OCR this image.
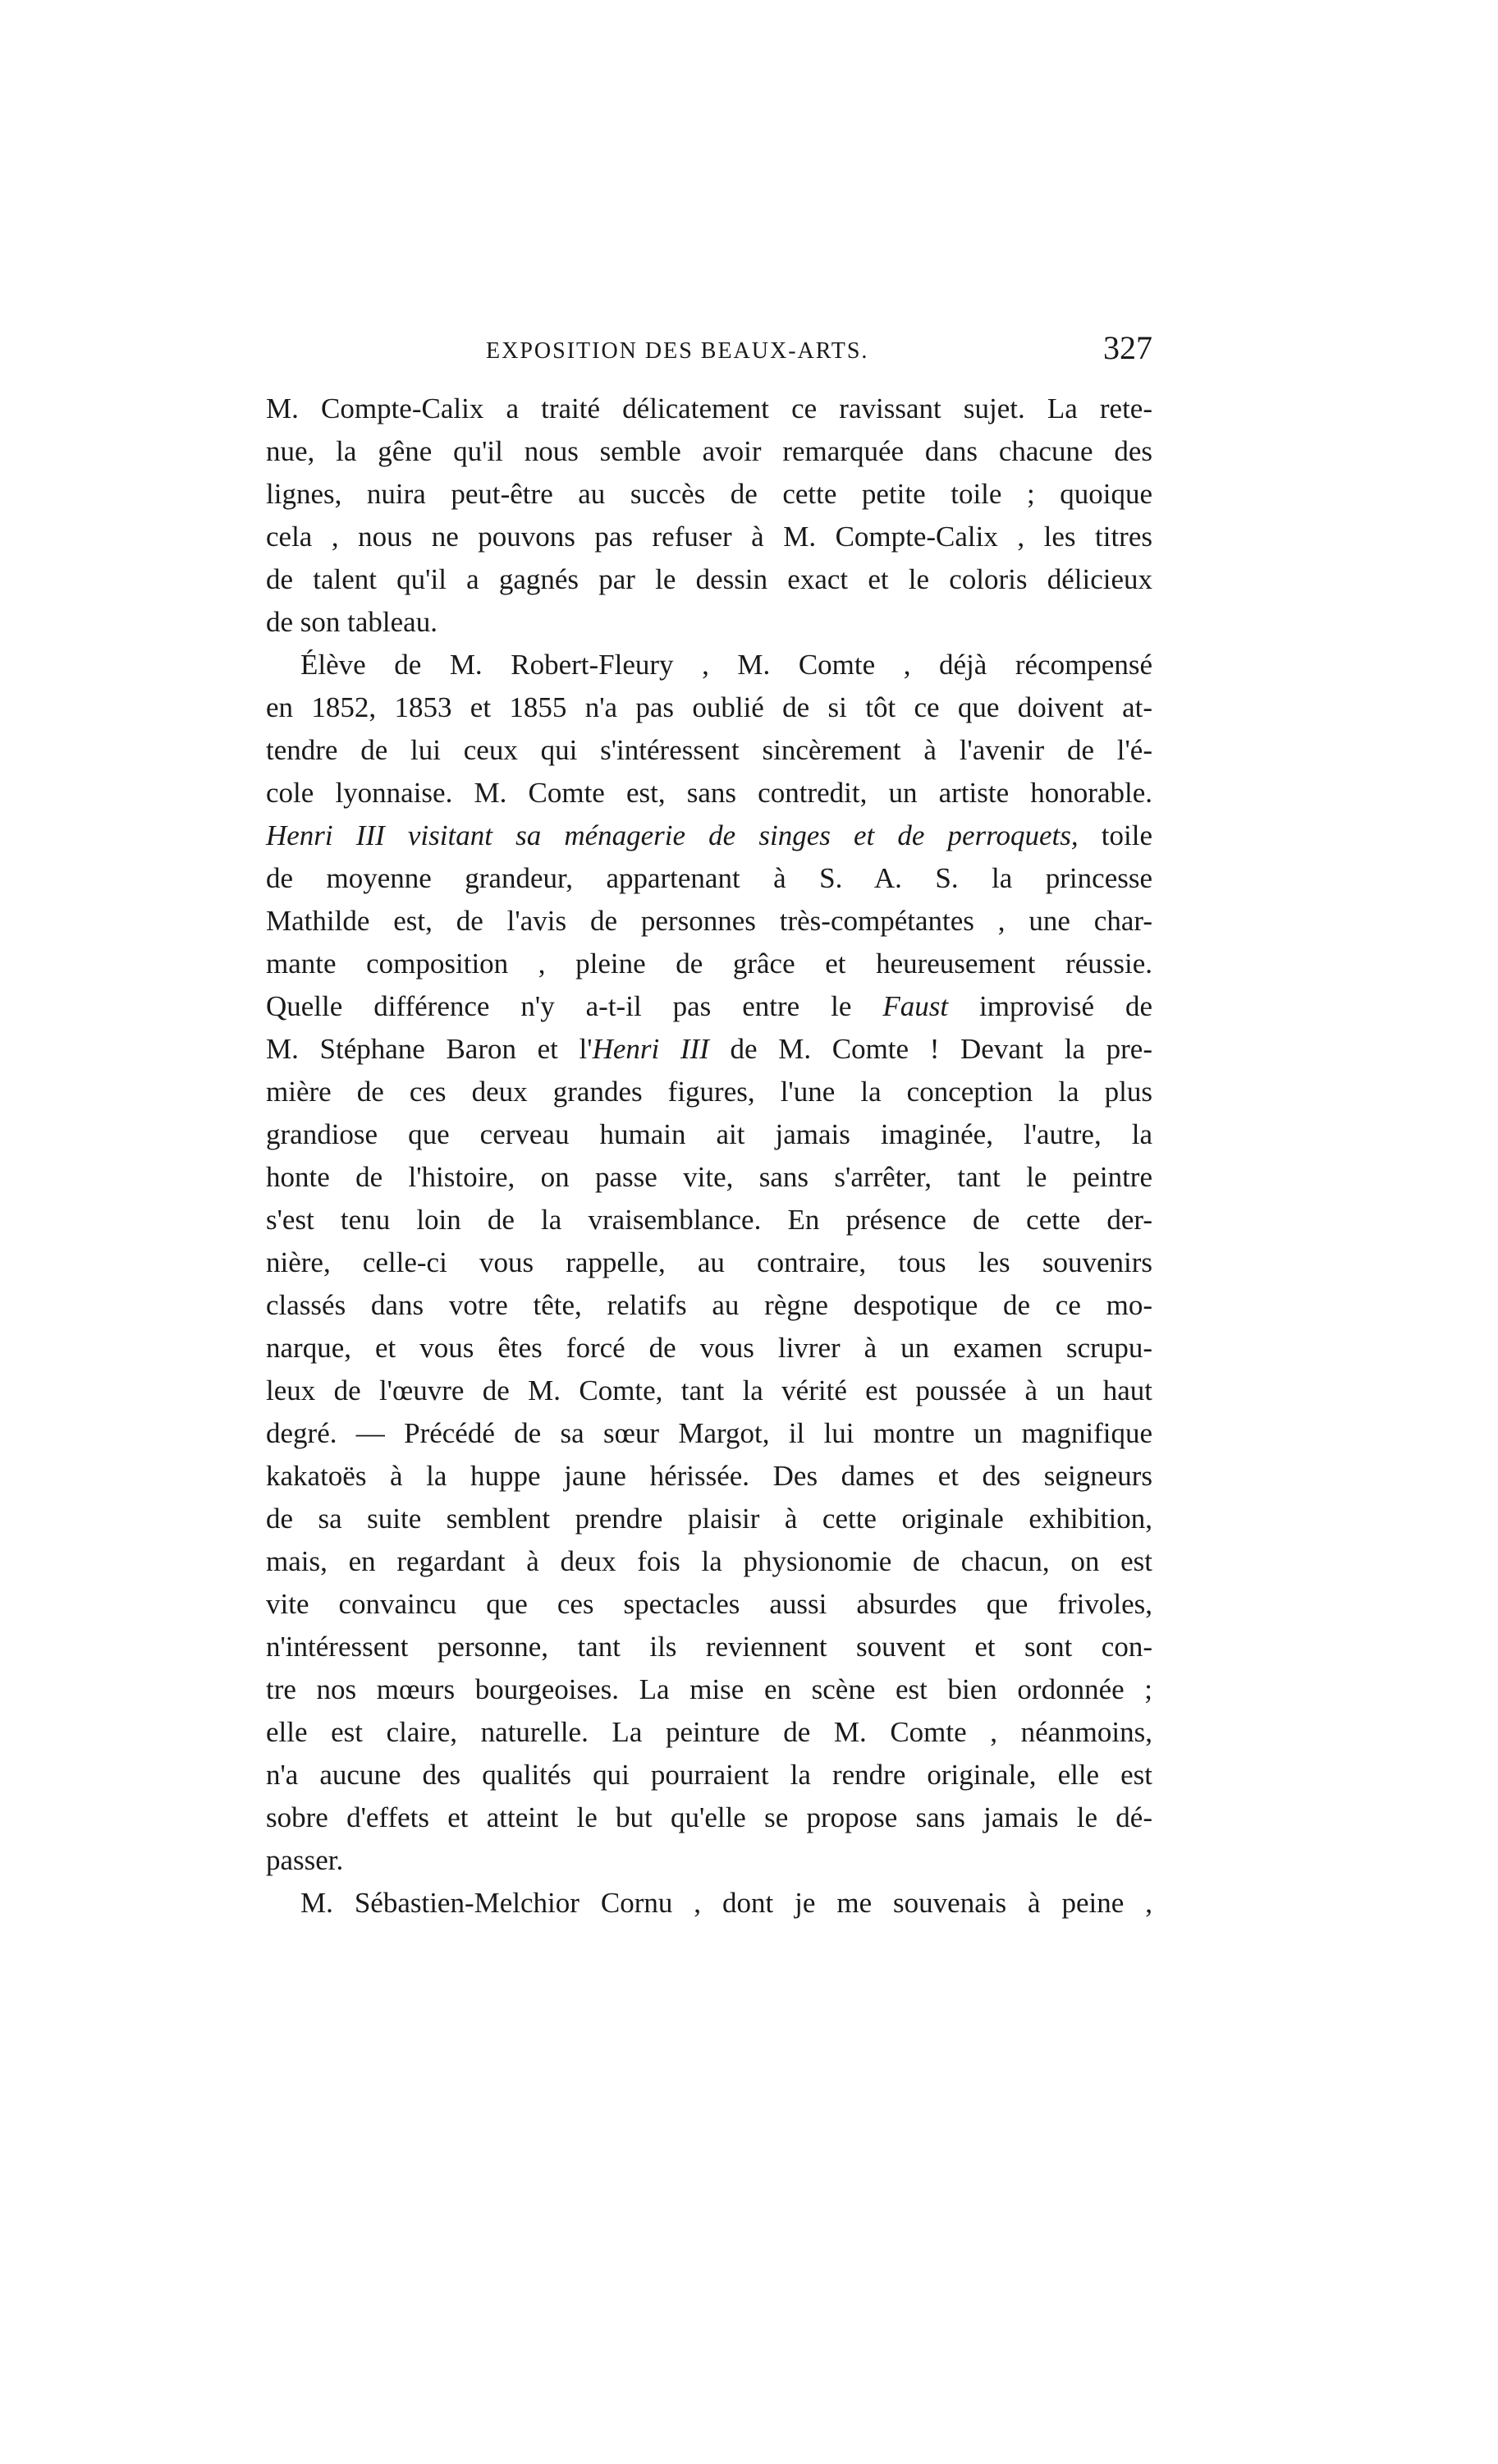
EXPOSITION DES BEAUX-ARTS.	327
M. Compte-Calix a traité délicatement ce ravissant sujet. La rete-
nue, la gêne qu'il nous semble avoir remarquée dans chacune des
lignes, nuira peut-être au succès de cette petite toile ; quoique
cela , nous ne pouvons pas refuser à M. Compte-Calix , les titres
de talent qu'il a gagnés par le dessin exact et le coloris délicieux
de son tableau.
Élève de M. Robert-Fleury , M. Comte , déjà récompensé
en 1852, 1853 et 1855 n'a pas oublié de si tôt ce que doivent at-
tendre de lui ceux qui s'intéressent sincèrement à l'avenir de l'é-
cole lyonnaise. M. Comte est, sans contredit, un artiste honorable.
Henri III visitant sa ménagerie de singes et de perroquets, toile
de moyenne grandeur, appartenant à S. A. S. la princesse
Mathilde est, de l'avis de personnes très-compétantes , une char-
mante composition , pleine de grâce et heureusement réussie.
Quelle différence n'y a-t-il pas entre le Faust improvisé de
M. Stéphane Baron et l'Henri III de M. Comte ! Devant la pre-
mière de ces deux grandes figures, l'une la conception la plus
grandiose que cerveau humain ait jamais imaginée, l'autre, la
honte de l'histoire, on passe vite, sans s'arrêter, tant le peintre
s'est tenu loin de la vraisemblance. En présence de cette der-
nière, celle-ci vous rappelle, au contraire, tous les souvenirs
classés dans votre tête, relatifs au règne despotique de ce mo-
narque, et vous êtes forcé de vous livrer à un examen scrupu-
leux de l'œuvre de M. Comte, tant la vérité est poussée à un haut
degré. — Précédé de sa sœur Margot, il lui montre un magnifique
kakatoës à la huppe jaune hérissée. Des dames et des seigneurs
de sa suite semblent prendre plaisir à cette originale exhibition,
mais, en regardant à deux fois la physionomie de chacun, on est
vite convaincu que ces spectacles aussi absurdes que frivoles,
n'intéressent personne, tant ils reviennent souvent et sont con-
tre nos mœurs bourgeoises. La mise en scène est bien ordonnée ;
elle est claire, naturelle. La peinture de M. Comte , néanmoins,
n'a aucune des qualités qui pourraient la rendre originale, elle est
sobre d'effets et atteint le but qu'elle se propose sans jamais le dé-
passer.
M. Sébastien-Melchior Cornu , dont je me souvenais à peine ,
